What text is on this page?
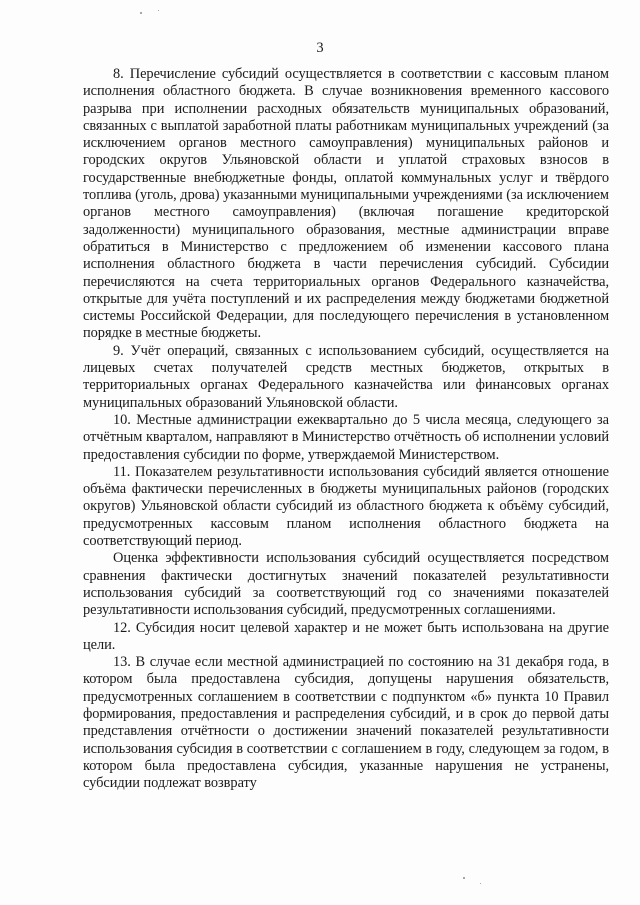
3

8. Перечисление субсидий осуществляется в соответствии с кассовым планом исполнения областного бюджета. В случае возникновения временного кассового разрыва при исполнении расходных обязательств муниципальных образований, связанных с выплатой заработной платы работникам муниципальных учреждений (за исключением органов местного самоуправления) муниципальных районов и городских округов Ульяновской области и уплатой страховых взносов в государственные внебюджетные фонды, оплатой коммунальных услуг и твёрдого топлива (уголь, дрова) указанными муниципальными учреждениями (за исключением органов местного самоуправления) (включая погашение кредиторской задолженности) муниципального образования, местные администрации вправе обратиться в Министерство с предложением об изменении кассового плана исполнения областного бюджета в части перечисления субсидий. Субсидии перечисляются на счета территориальных органов Федерального казначейства, открытые для учёта поступлений и их распределения между бюджетами бюджетной системы Российской Федерации, для последующего перечисления в установленном порядке в местные бюджеты.

9. Учёт операций, связанных с использованием субсидий, осуществляется на лицевых счетах получателей средств местных бюджетов, открытых в территориальных органах Федерального казначейства или финансовых органах муниципальных образований Ульяновской области.

10. Местные администрации ежеквартально до 5 числа месяца, следующего за отчётным кварталом, направляют в Министерство отчётность об исполнении условий предоставления субсидии по форме, утверждаемой Министерством.

11. Показателем результативности использования субсидий является отношение объёма фактически перечисленных в бюджеты муниципальных районов (городских округов) Ульяновской области субсидий из областного бюджета к объёму субсидий, предусмотренных кассовым планом исполнения областного бюджета на соответствующий период.

Оценка эффективности использования субсидий осуществляется посредством сравнения фактически достигнутых значений показателей результативности использования субсидий за соответствующий год со значениями показателей результативности использования субсидий, предусмотренных соглашениями.

12. Субсидия носит целевой характер и не может быть использована на другие цели.

13. В случае если местной администрацией по состоянию на 31 декабря года, в котором была предоставлена субсидия, допущены нарушения обязательств, предусмотренных соглашением в соответствии с подпунктом «б» пункта 10 Правил формирования, предоставления и распределения субсидий, и в срок до первой даты представления отчётности о достижении значений показателей результативности использования субсидия в соответствии с соглашением в году, следующем за годом, в котором была предоставлена субсидия, указанные нарушения не устранены, субсидии подлежат возврату
